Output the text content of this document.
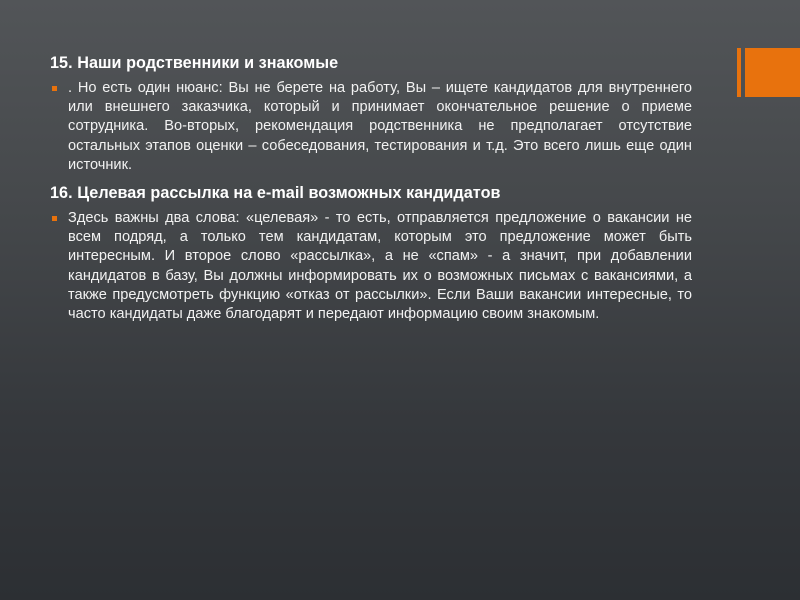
15. Наши родственники и знакомые
. Но есть один нюанс: Вы не берете на работу, Вы – ищете кандидатов для внутреннего или внешнего заказчика, который и принимает окончательное решение о приеме сотрудника. Во-вторых, рекомендация родственника не предполагает отсутствие остальных этапов оценки – собеседования, тестирования и т.д. Это всего лишь еще один источник.
16. Целевая рассылка на e-mail возможных кандидатов
Здесь важны два слова: «целевая» - то есть, отправляется предложение о вакансии не всем подряд, а только тем кандидатам, которым это предложение может быть интересным. И второе слово «рассылка», а не «спам» - а значит, при добавлении кандидатов в базу, Вы должны информировать их о возможных письмах с вакансиями, а также предусмотреть функцию «отказ от рассылки». Если Ваши вакансии интересные, то часто кандидаты даже благодарят и передают информацию своим знакомым.
